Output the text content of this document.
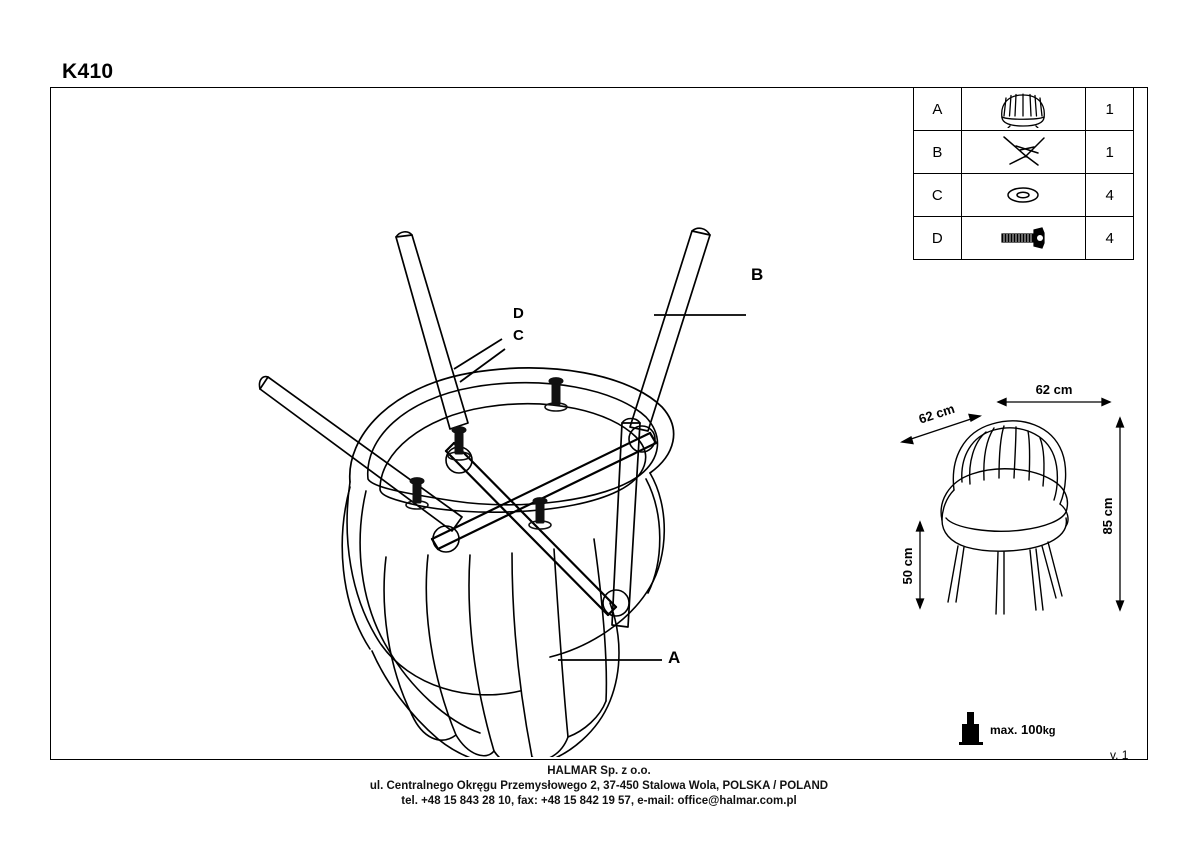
K410
B
A
D
C
A		1
B		1
C		4
D		4
62 cm
62 cm
85 cm
50 cm
max. 100kg
v. 1
HALMAR Sp. z o.o.
ul. Centralnego Okręgu Przemysłowego 2, 37-450 Stalowa Wola, POLSKA / POLAND
tel. +48 15 843 28 10, fax: +48 15 842 19 57, e-mail: office@halmar.com.pl
